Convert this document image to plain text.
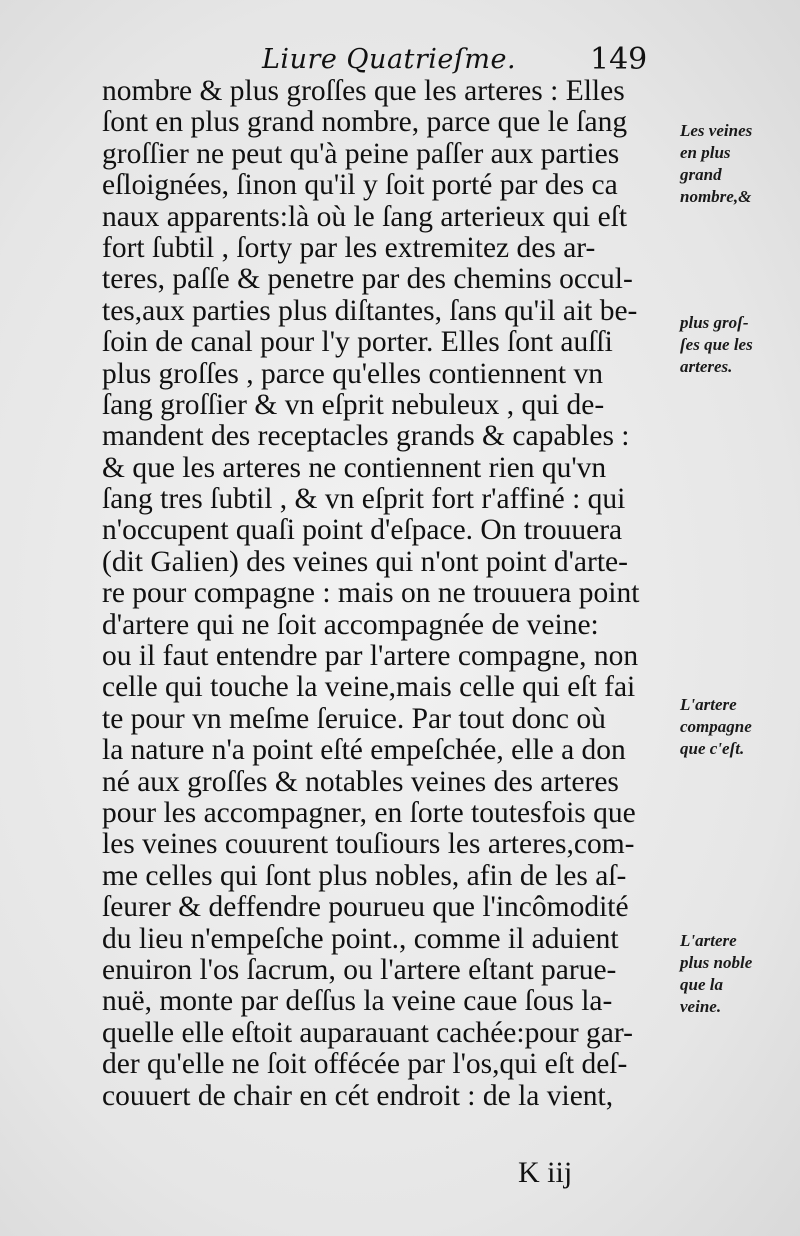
Liure Quatrieſme. 149
nombre & plus groſſes que les arteres : Elles
ſont en plus grand nombre, parce que le ſang
groſſier ne peut qu'à peine paſſer aux parties
eſloignées, ſinon qu'il y ſoit porté par des ca
naux apparents:là où le ſang arterieux qui eſt
fort ſubtil , ſorty par les extremitez des ar-
teres, paſſe & penetre par des chemins occul-
tes,aux parties plus diſtantes, ſans qu'il ait be-
ſoin de canal pour l'y porter. Elles ſont auſſi
plus groſſes , parce qu'elles contiennent vn
ſang groſſier & vn eſprit nebuleux , qui de-
mandent des receptacles grands & capables :
& que les arteres ne contiennent rien qu'vn
ſang tres ſubtil , & vn eſprit fort r'affiné : qui
n'occupent quaſi point d'eſpace. On trouuera
(dit Galien) des veines qui n'ont point d'arte-
re pour compagne : mais on ne trouuera point
d'artere qui ne ſoit accompagnée de veine:
ou il faut entendre par l'artere compagne, non
celle qui touche la veine,mais celle qui eſt fai
te pour vn meſme ſeruice. Par tout donc où
la nature n'a point eſté empeſchée, elle a don
né aux groſſes & notables veines des arteres
pour les accompagner, en ſorte toutesfois que
les veines couurent touſiours les arteres,com-
me celles qui ſont plus nobles, afin de les aſ-
ſeurer & deffendre pourueu que l'incômodité
du lieu n'empeſche point., comme il aduient
enuiron l'os ſacrum, ou l'artere eſtant parue-
nuë, monte par deſſus la veine caue ſous la-
quelle elle eſtoit auparauant cachée:pour gar-
der qu'elle ne ſoit offécée par l'os,qui eſt deſ-
couuert de chair en cét endroit : de la vient,
Les veines
en plus
grand
nombre,&
plus groſ-
ſes que les
arteres.
L'artere
compagne
que c'eſt.
L'artere
plus noble
que la
veine.
K iij
